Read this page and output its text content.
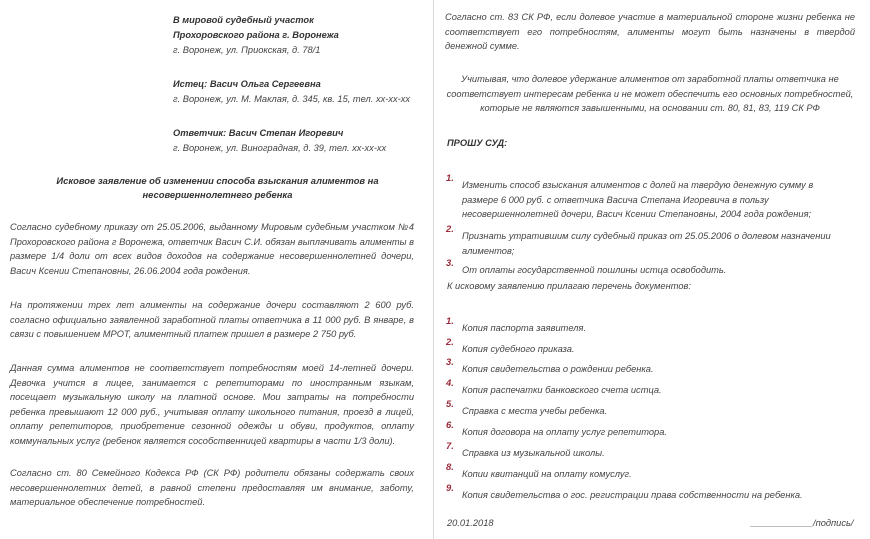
В мировой судебный участок

Прохоровского района г. Воронежа

г. Воронеж, ул. Приокская, д. 78/1

Истец: Васич Ольга Сергеевна

г. Воронеж, ул. М. Маклая, д. 345, кв. 15, тел. хх-хх-хх

Ответчик: Васич Степан Игоревич

г. Воронеж, ул. Виноградная, д. 39, тел. хх-хх-хх

Исковое заявление об изменении способа взыскания алиментов на несовершеннолетнего ребенка

Согласно судебному приказу от 25.05.2006, выданному Мировым судебным участком №4 Прохоровского района г Воронежа, ответчик Васич С.И. обязан выплачивать алименты в размере 1/4 доли от всех видов доходов на содержание несовершеннолетней дочери, Васич Ксении Степановны, 26.06.2004 года рождения.

На протяжении трех лет алименты на содержание дочери составляют 2 600 руб. согласно официально заявленной заработной платы ответчика в 11 000 руб. В январе, в связи с повышением МРОТ, алиментный платеж пришел в размере 2 750 руб.

Данная сумма алиментов не соответствует потребностям моей 14-летней дочери. Девочка учится в лицее, занимается с репетиторами по иностранным языкам, посещает музыкальную школу на платной основе. Мои затраты на потребности ребенка превышают 12 000 руб., учитывая оплату школьного питания, проезд в лицей, оплату репетиторов, приобретение сезонной одежды и обуви, продуктов, оплату коммунальных услуг (ребенок является сособственницей квартиры в части 1/3 доли).

Согласно ст. 80 Семейного Кодекса РФ (СК РФ) родители обязаны содержать своих несовершеннолетних детей, в равной степени предоставляя им внимание, заботу, материальное обеспечение потребностей.

Согласно ст. 83 СК РФ, если долевое участие в материальной стороне жизни ребенка не соответствует его потребностям, алименты могут быть назначены в твердой денежной сумме.

Учитывая, что долевое удержание алиментов от заработной платы ответчика не соответствует интересам ребенка и не может обеспечить его основных потребностей, которые не являются завышенными, на основании ст. 80, 81, 83, 119 СК РФ

ПРОШУ СУД:

1.

Изменить способ взыскания алиментов с долей на твердую денежную сумму в размере 6 000 руб. с ответчика Васича Степана Игоревича в пользу несовершеннолетней дочери, Васич Ксении Степановны, 2004 года рождения;

2.

Признать утратившим силу судебный приказ от 25.05.2006 о долевом назначении алиментов;

3.

От оплаты государственной пошлины истца освободить.

К исковому заявлению прилагаю перечень документов:

1.

Копия паспорта заявителя.

2.

Копия судебного приказа.

3.

Копия свидетельства о рождении ребенка.

4.

Копия распечатки банковского счета истца.

5.

Справка с места учебы ребенка.

6.

Копия договора на оплату услуг репетитора.

7.

Справка из музыкальной школы.

8.

Копии квитанций на оплату комуслуг.

9.

Копия свидетельства о гос. регистрации права собственности на ребенка.

20.01.2018	____________/подпись/
